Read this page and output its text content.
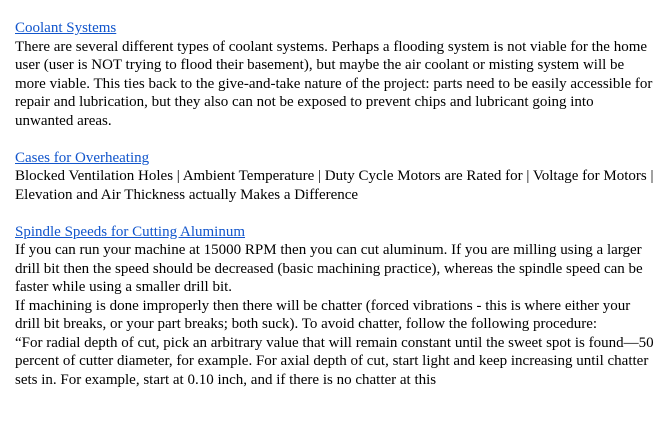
Coolant Systems

There are several different types of coolant systems. Perhaps a flooding system is not viable for the home user (user is NOT trying to flood their basement), but maybe the air coolant or misting system will be more viable. This ties back to the give-and-take nature of the project: parts need to be easily accessible for repair and lubrication, but they also can not be exposed to prevent chips and lubricant going into unwanted areas.

Cases for Overheating

Blocked Ventilation Holes | Ambient Temperature | Duty Cycle Motors are Rated for | Voltage for Motors | Elevation and Air Thickness actually Makes a Difference

Spindle Speeds for Cutting Aluminum

If you can run your machine at 15000 RPM then you can cut aluminum. If you are milling using a larger drill bit then the speed should be decreased (basic machining practice), whereas the spindle speed can be faster while using a smaller drill bit.

If machining is done improperly then there will be chatter (forced vibrations - this is where either your drill bit breaks, or your part breaks; both suck). To avoid chatter, follow the following procedure:

“For radial depth of cut, pick an arbitrary value that will remain constant until the sweet spot is found—50 percent of cutter diameter, for example. For axial depth of cut, start light and keep increasing until chatter sets in. For example, start at 0.10 inch, and if there is no chatter at this
